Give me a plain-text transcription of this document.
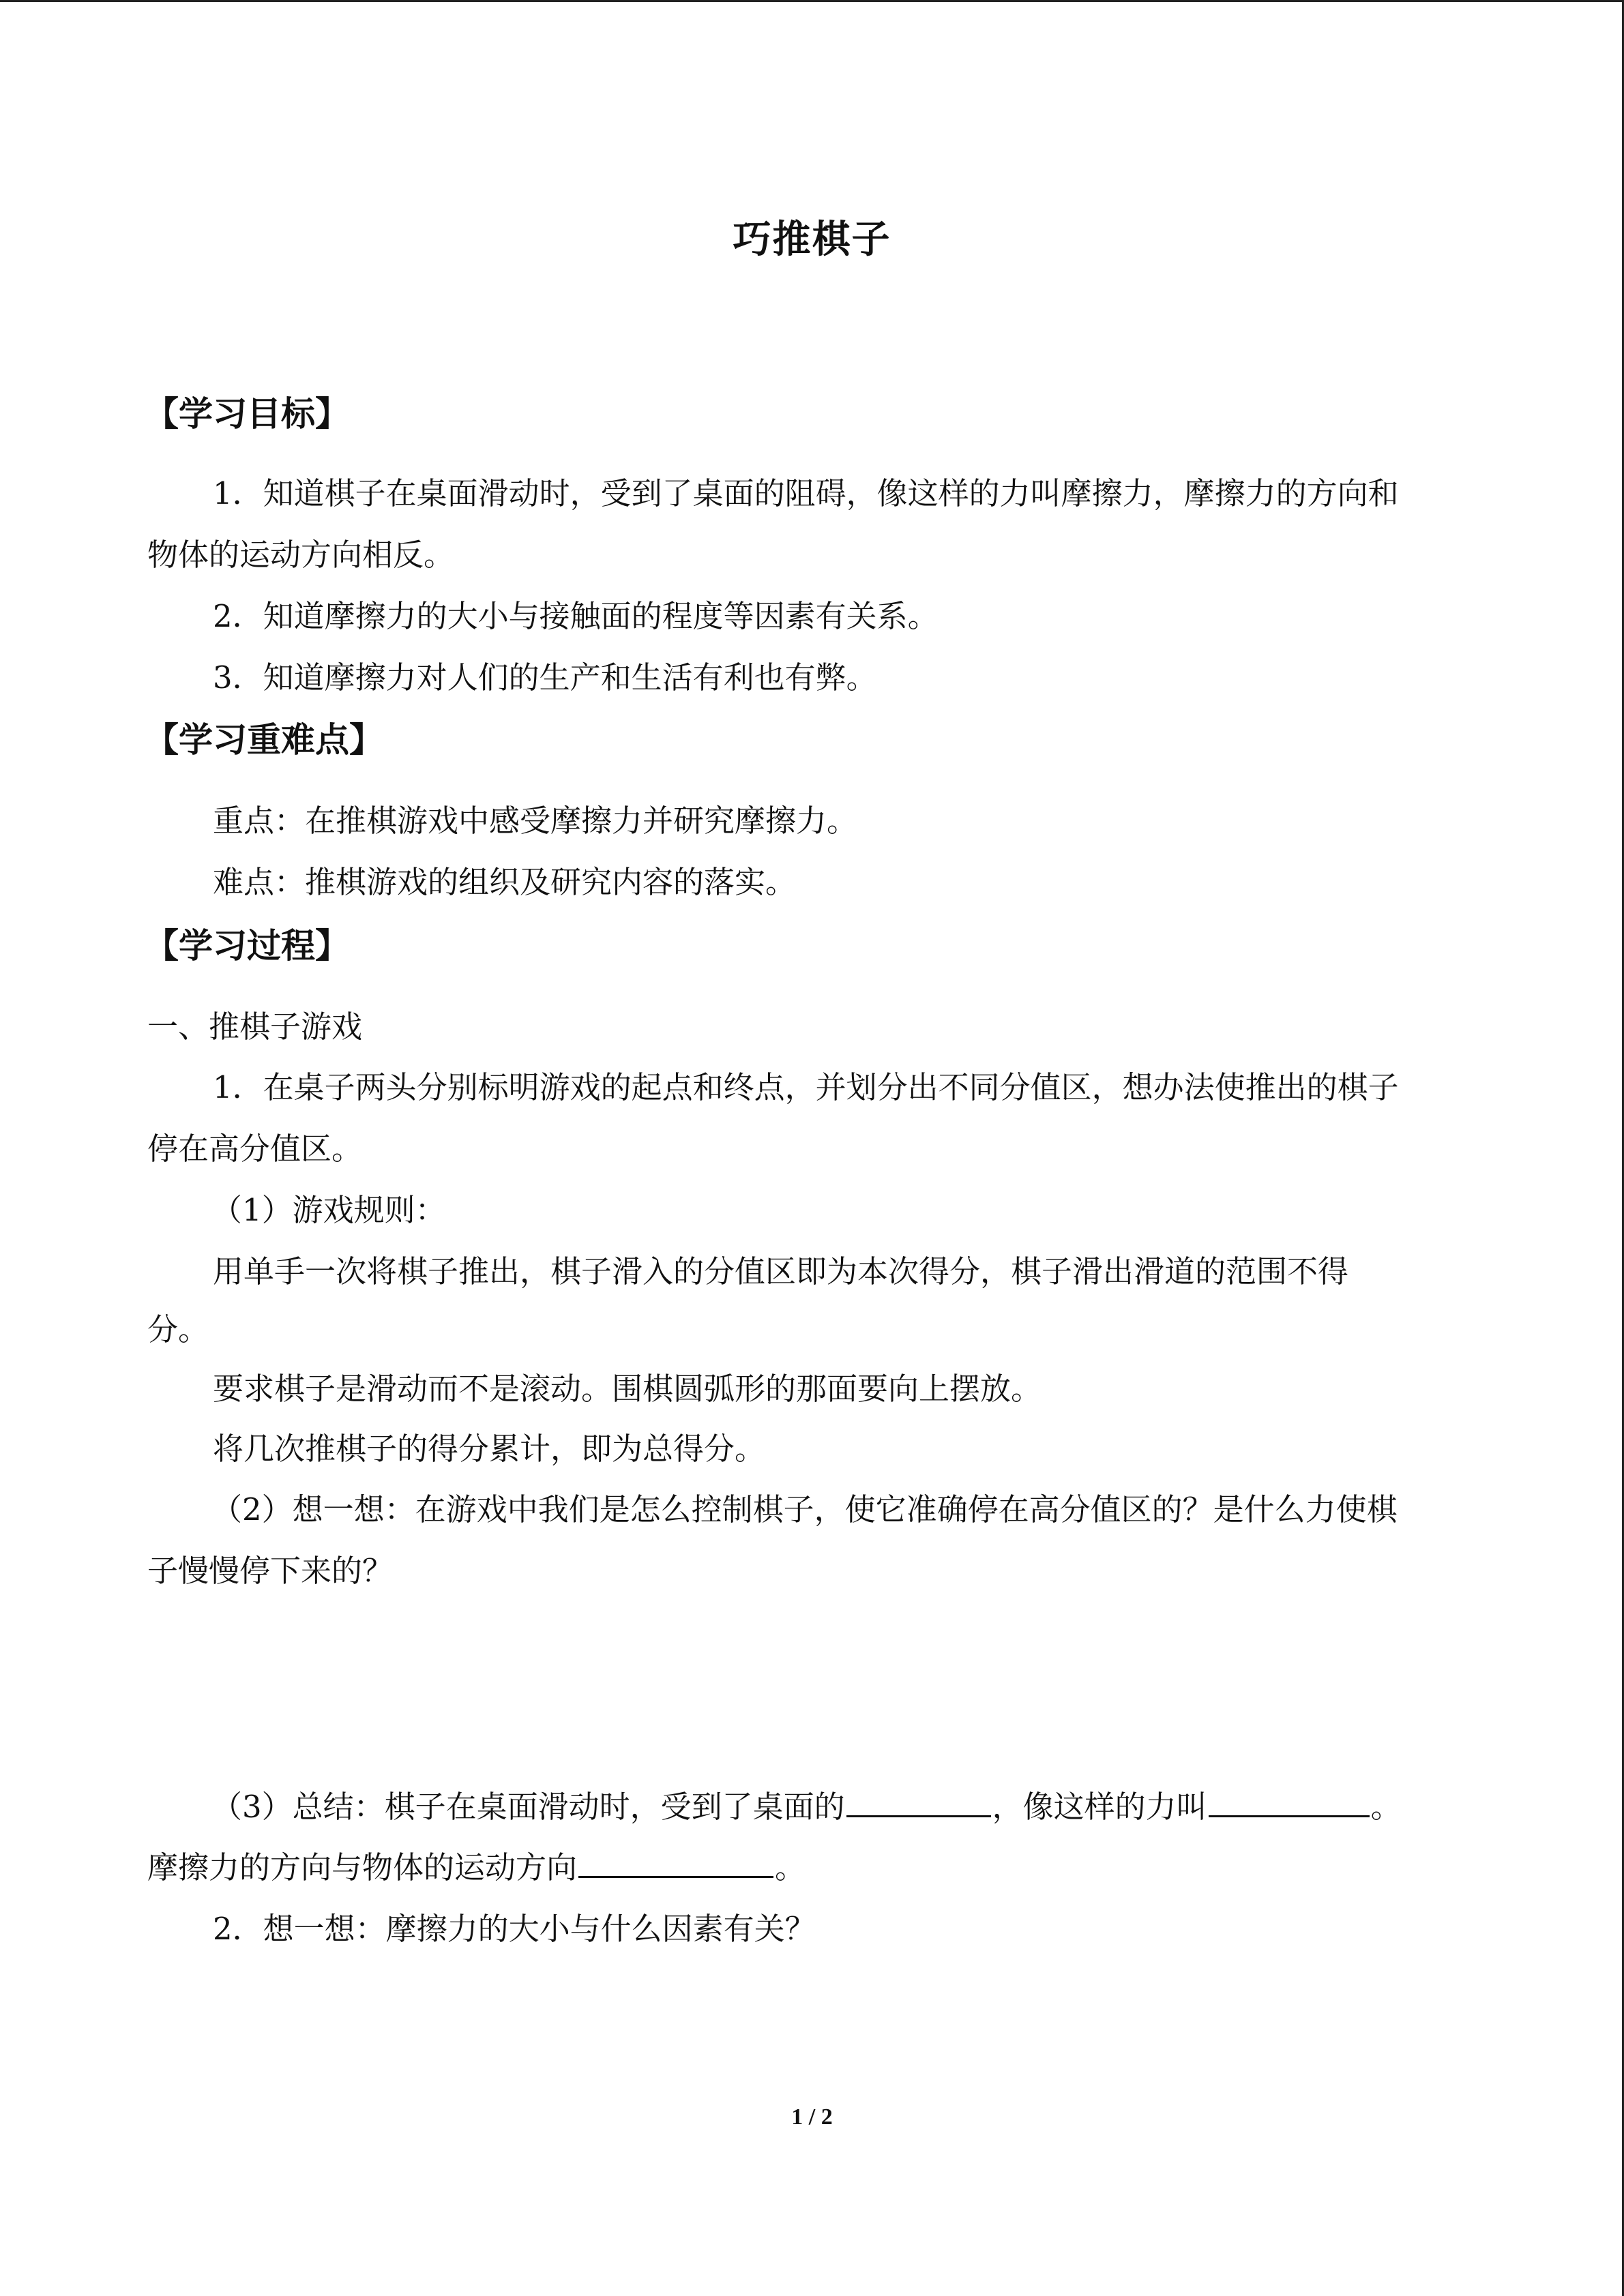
巧推棋子
【学习目标】
1．知道棋子在桌面滑动时，受到了桌面的阻碍，像这样的力叫摩擦力，摩擦力的方向和
物体的运动方向相反。
2．知道摩擦力的大小与接触面的程度等因素有关系。
3．知道摩擦力对人们的生产和生活有利也有弊。
【学习重难点】
重点：在推棋游戏中感受摩擦力并研究摩擦力。
难点：推棋游戏的组织及研究内容的落实。
【学习过程】
一、推棋子游戏
1．在桌子两头分别标明游戏的起点和终点，并划分出不同分值区，想办法使推出的棋子
停在高分值区。
（1）游戏规则：
用单手一次将棋子推出，棋子滑入的分值区即为本次得分，棋子滑出滑道的范围不得
分。
要求棋子是滑动而不是滚动。围棋圆弧形的那面要向上摆放。
将几次推棋子的得分累计，即为总得分。
（2）想一想：在游戏中我们是怎么控制棋子，使它准确停在高分值区的？是什么力使棋
子慢慢停下来的？
（3）总结：棋子在桌面滑动时，受到了桌面的	，像这样的力叫	。
摩擦力的方向与物体的运动方向	。
2．想一想：摩擦力的大小与什么因素有关？
1 / 2
